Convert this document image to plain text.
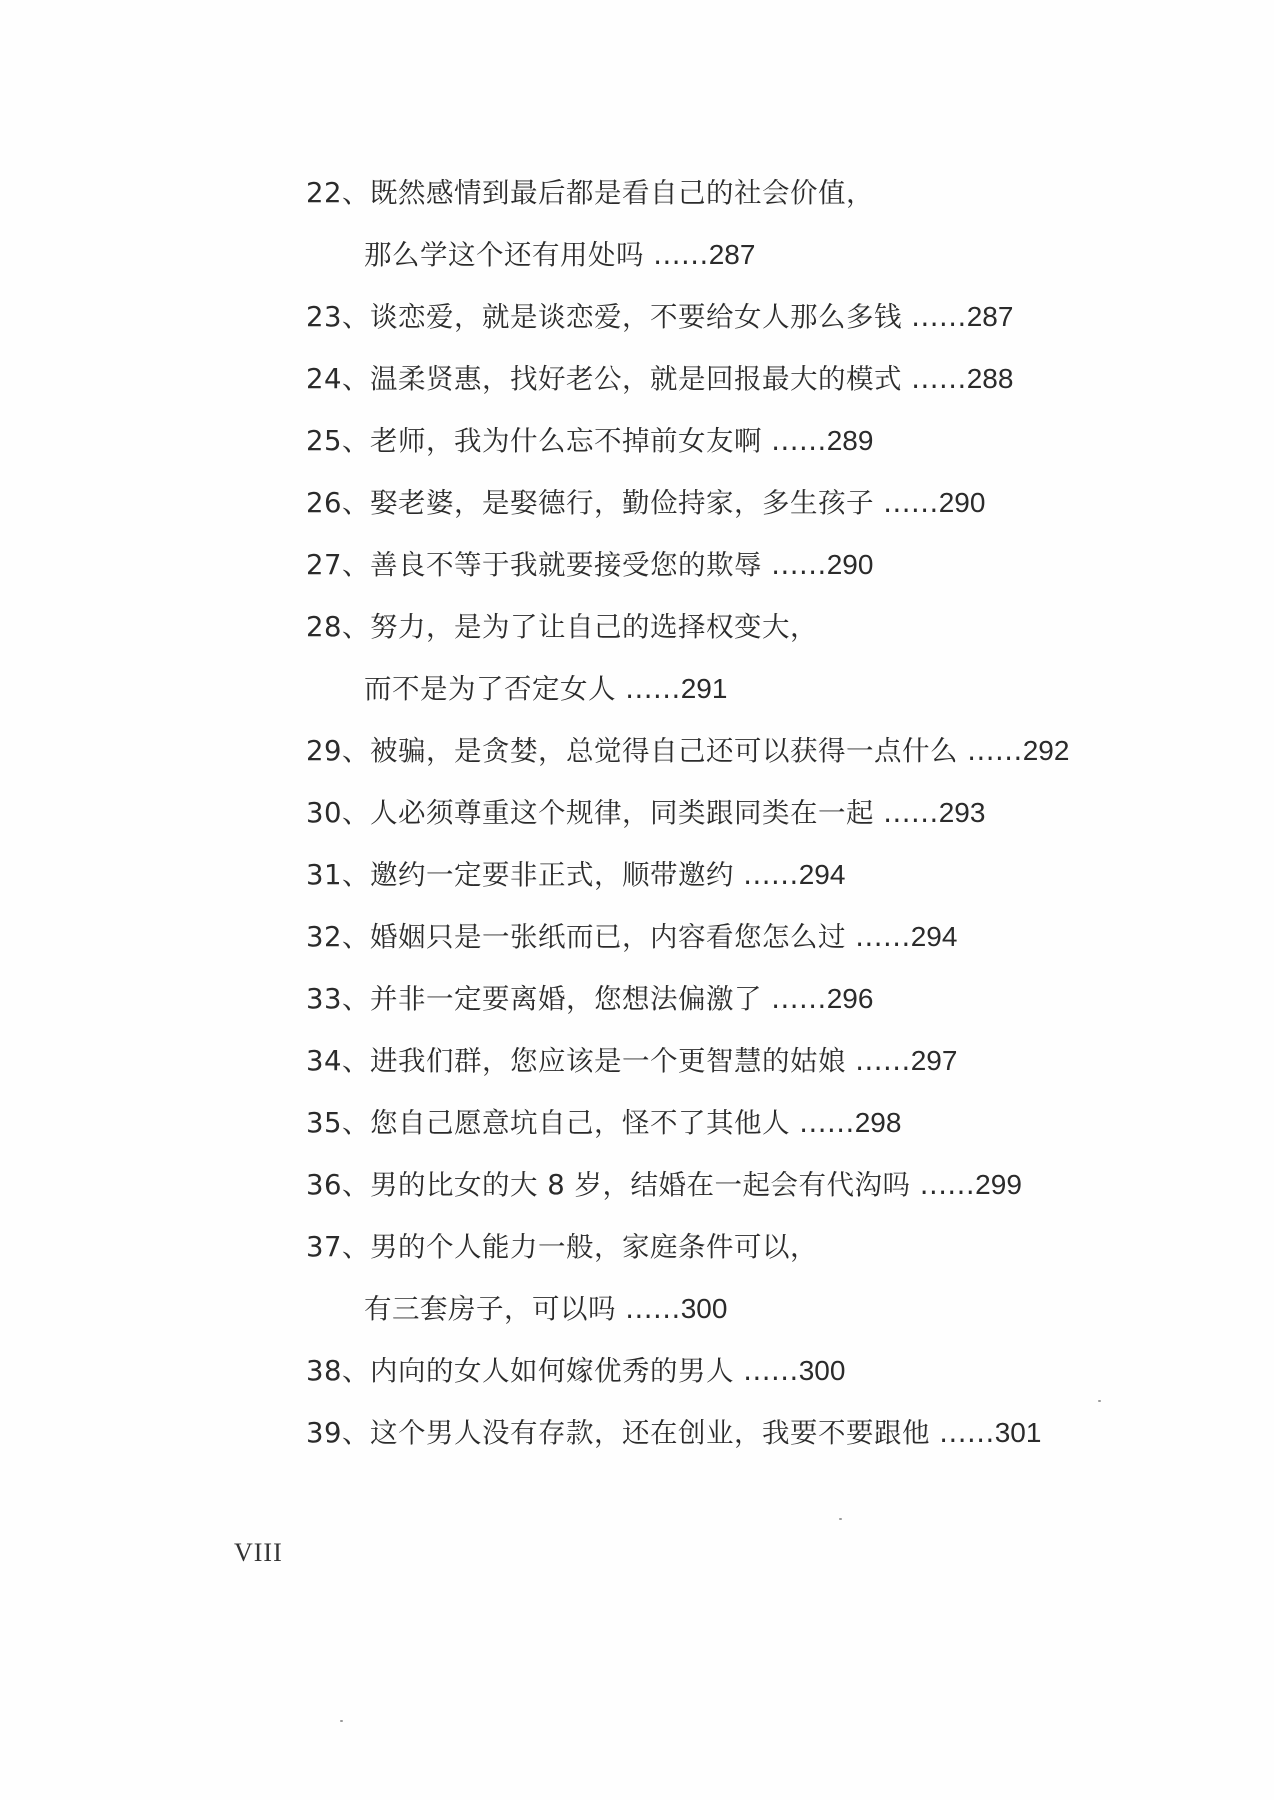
22、既然感情到最后都是看自己的社会价值，
那么学这个还有用处吗 ......287
23、谈恋爱，就是谈恋爱，不要给女人那么多钱 ......287
24、温柔贤惠，找好老公，就是回报最大的模式 ......288
25、老师，我为什么忘不掉前女友啊 ......289
26、娶老婆，是娶德行，勤俭持家，多生孩子 ......290
27、善良不等于我就要接受您的欺辱 ......290
28、努力，是为了让自己的选择权变大，
而不是为了否定女人 ......291
29、被骗，是贪婪，总觉得自己还可以获得一点什么 ......292
30、人必须尊重这个规律，同类跟同类在一起 ......293
31、邀约一定要非正式，顺带邀约 ......294
32、婚姻只是一张纸而已，内容看您怎么过 ......294
33、并非一定要离婚，您想法偏激了 ......296
34、进我们群，您应该是一个更智慧的姑娘 ......297
35、您自己愿意坑自己，怪不了其他人 ......298
36、男的比女的大 8 岁，结婚在一起会有代沟吗 ......299
37、男的个人能力一般，家庭条件可以，
有三套房子，可以吗 ......300
38、内向的女人如何嫁优秀的男人 ......300
39、这个男人没有存款，还在创业，我要不要跟他 ......301
VIII
